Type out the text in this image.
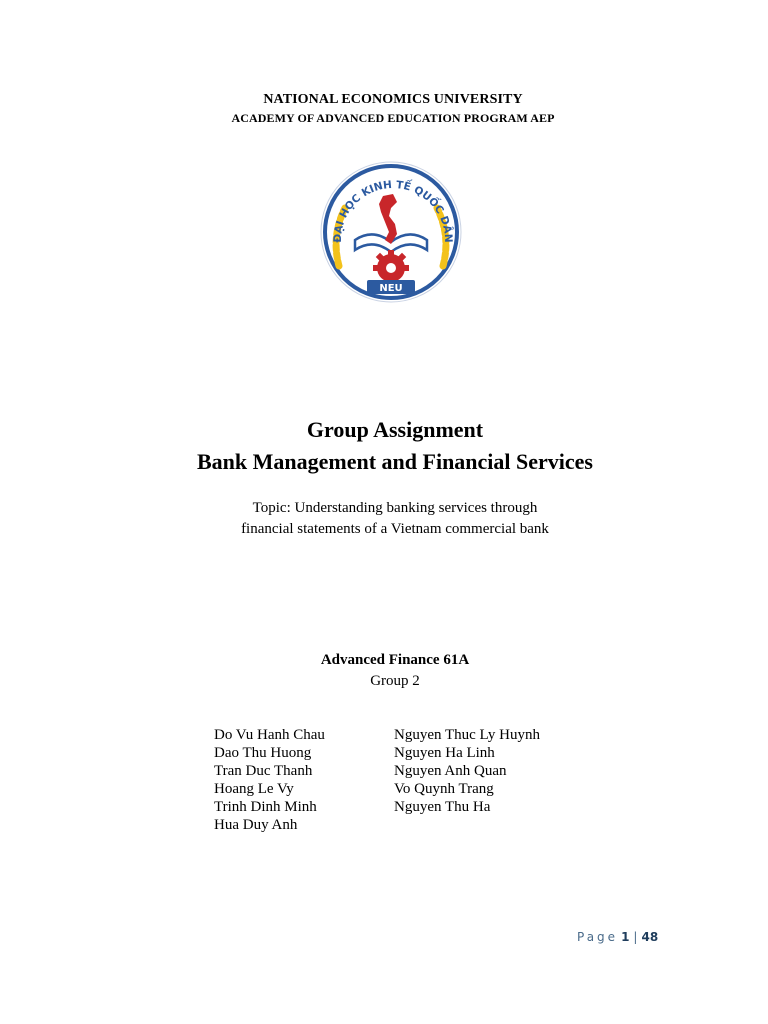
NATIONAL ECONOMICS UNIVERSITY
ACADEMY OF ADVANCED EDUCATION PROGRAM AEP
ĐẠI HỌC KINH TẾ QUỐC DÂN
NEU
Group Assignment
Bank Management and Financial Services
Topic: Understanding banking services through
financial statements of a Vietnam commercial bank
Advanced Finance 61A
Group 2
Do Vu Hanh Chau
Dao Thu Huong
Tran Duc Thanh
Hoang Le Vy
Trinh Dinh Minh
Hua Duy Anh
Nguyen Thuc Ly Huynh
Nguyen Ha Linh
Nguyen Anh Quan
Vo Quynh Trang
Nguyen Thu Ha
Page 1 | 48
